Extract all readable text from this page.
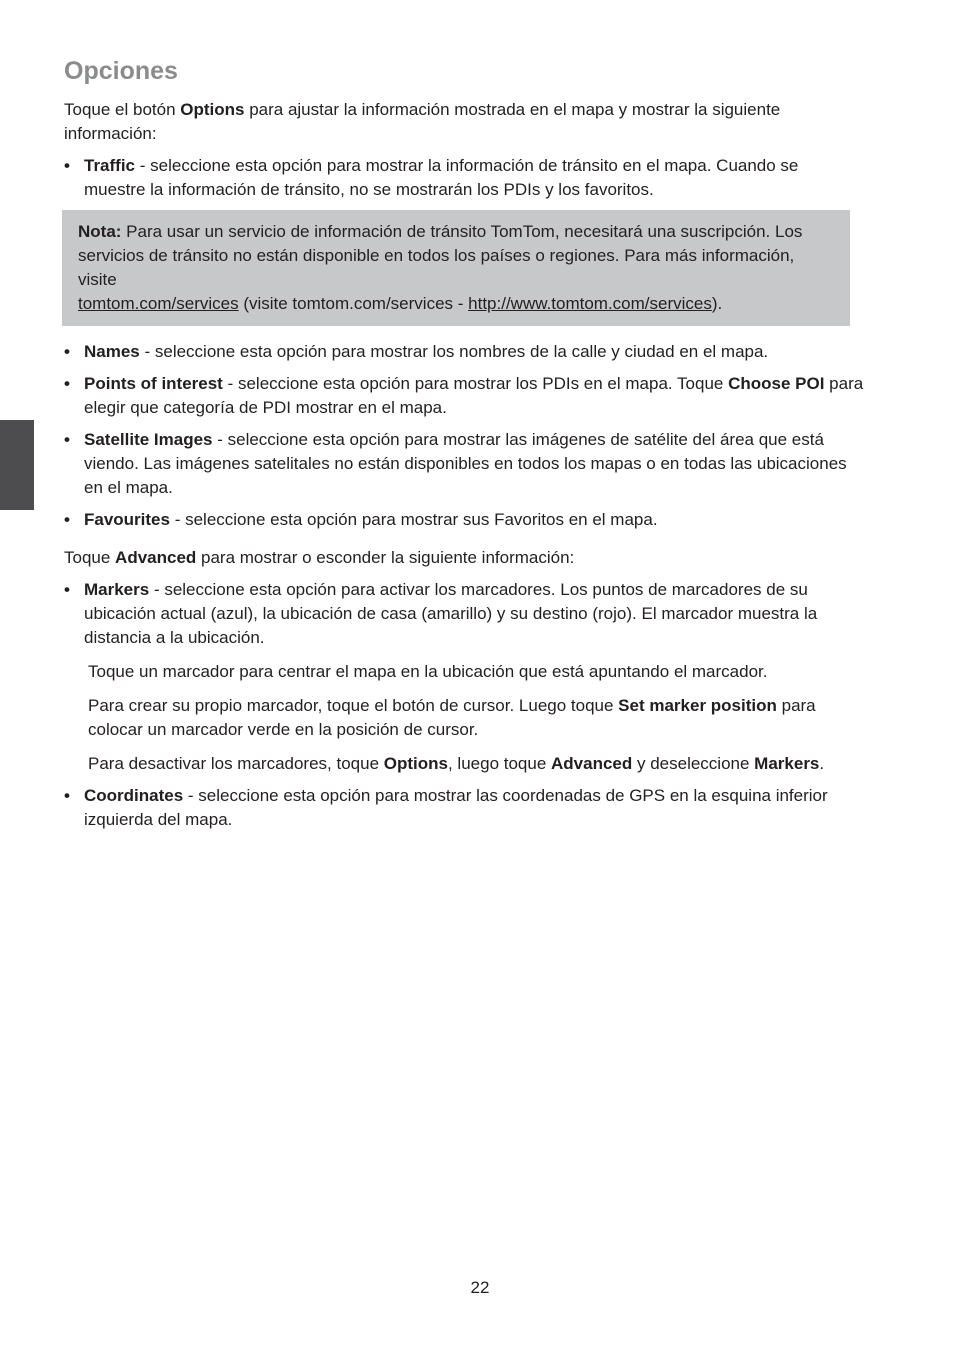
Opciones

Toque el botón Options para ajustar la información mostrada en el mapa y mostrar la siguiente información:

• Traffic - seleccione esta opción para mostrar la información de tránsito en el mapa. Cuando se muestre la información de tránsito, no se mostrarán los PDIs y los favoritos.
Nota: Para usar un servicio de información de tránsito TomTom, necesitará una suscripción. Los servicios de tránsito no están disponible en todos los países o regiones. Para más información, visite
tomtom.com/services (visite tomtom.com/services - http://www.tomtom.com/services).
• Names - seleccione esta opción para mostrar los nombres de la calle y ciudad en el mapa.
• Points of interest - seleccione esta opción para mostrar los PDIs en el mapa. Toque Choose POI para elegir que categoría de PDI mostrar en el mapa.
• Satellite Images - seleccione esta opción para mostrar las imágenes de satélite del área que está viendo. Las imágenes satelitales no están disponibles en todos los mapas o en todas las ubicaciones en el mapa.
• Favourites - seleccione esta opción para mostrar sus Favoritos en el mapa.

Toque Advanced para mostrar o esconder la siguiente información:

• Markers - seleccione esta opción para activar los marcadores. Los puntos de marcadores de su ubicación actual (azul), la ubicación de casa (amarillo) y su destino (rojo). El marcador muestra la distancia a la ubicación.

Toque un marcador para centrar el mapa en la ubicación que está apuntando el marcador.

Para crear su propio marcador, toque el botón de cursor. Luego toque Set marker position para colocar un marcador verde en la posición de cursor.

Para desactivar los marcadores, toque Options, luego toque Advanced y deseleccione Markers.

• Coordinates - seleccione esta opción para mostrar las coordenadas de GPS en la esquina inferior izquierda del mapa.
22
